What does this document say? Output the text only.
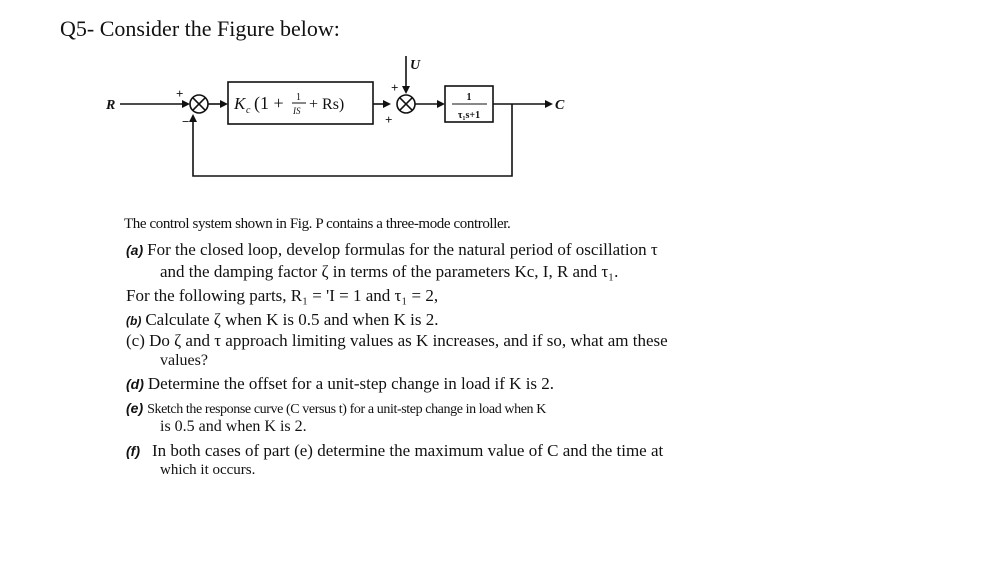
Q5- Consider the Figure below:
R
+
−
K c (1 + 1
IS + Rs)
U
+
+
1
τ₁s+1
C
The control system shown in Fig. P contains a three-mode controller.
(a) For the closed loop, develop formulas for the natural period of oscillation τ
and the damping factor ζ in terms of the parameters Kc, I, R and τ₁.
For the following parts, R₁ = 'I = 1 and τ₁ = 2,
(b) Calculate ζ when K is 0.5 and when K is 2.
(c) Do ζ and τ approach limiting values as K increases, and if so, what am these
values?
(d) Determine the offset for a unit-step change in load if K is 2.
(e) Sketch the response curve (C versus t) for a unit-step change in load when K
is 0.5 and when K is 2.
(f) In both cases of part (e) determine the maximum value of C and the time at
which it occurs.
